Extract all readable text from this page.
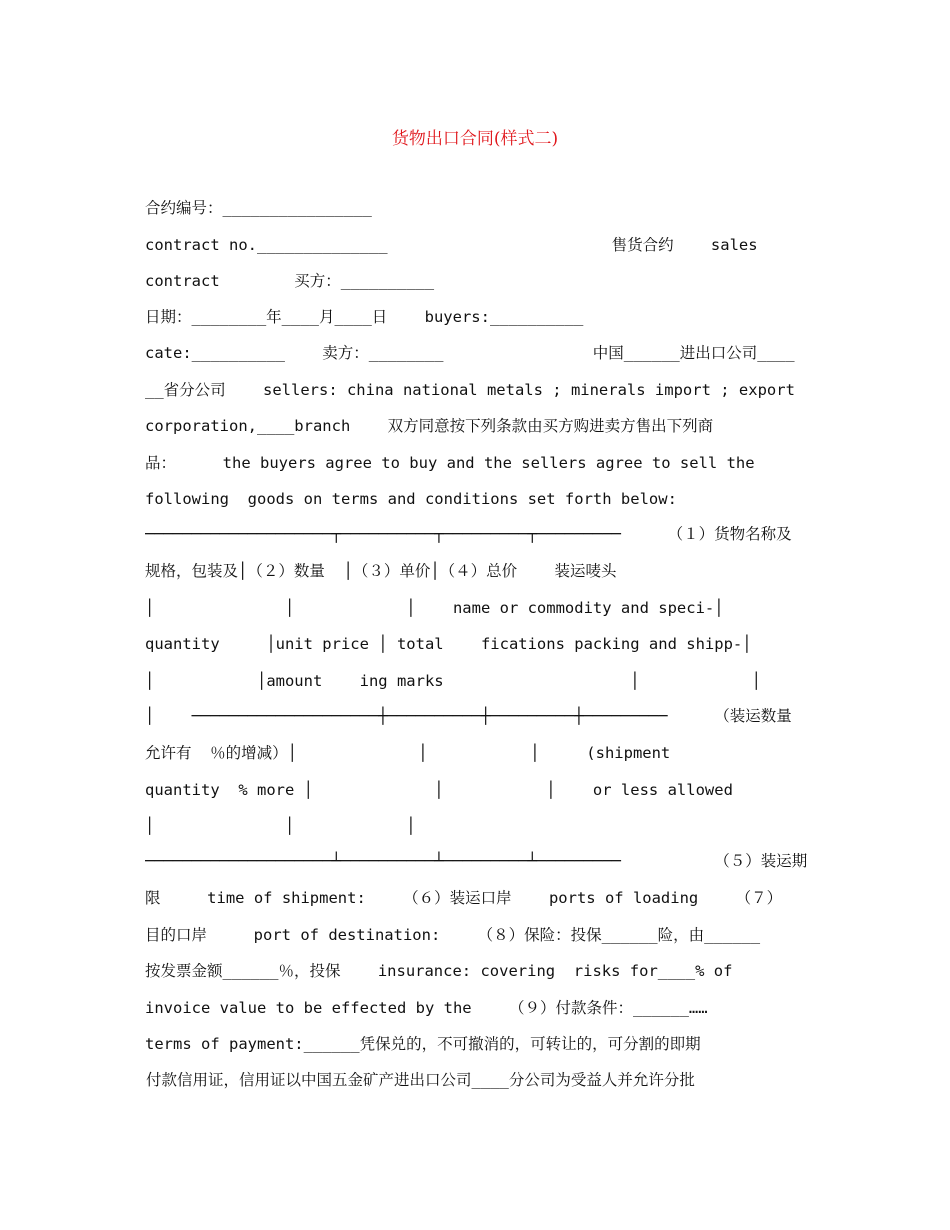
货物出口合同(样式二)
合约编号：________________
contract no.______________                        售货合约    sales
contract        买方：__________
日期：________年____月____日    buyers:__________
cate:__________    卖方：________                中国______进出口公司____
__省分公司    sellers: china national metals ; minerals import ; export
corporation,____branch    双方同意按下列条款由买方购进卖方售出下列商
品：     the buyers agree to buy and the sellers agree to sell the
following  goods on terms and conditions set forth below:
────────────────────┬──────────┬─────────┬─────────     （１）货物名称及
规格，包装及│（２）数量  │（３）单价│（４）总价    装运唛头
│              │            │    name or commodity and speci-│
quantity     │unit price │ total    fications packing and shipp-│
│           │amount    ing marks                    │            │
│    ────────────────────┼──────────┼─────────┼─────────     （装运数量
允许有  ％的增减）│             │           │     (shipment
quantity  % more │             │           │    or less allowed
│              │            │
────────────────────┴──────────┴─────────┴─────────          （５）装运期
限     time of shipment:    （６）装运口岸    ports of loading    （７）
目的口岸     port of destination:    （８）保险：投保______险，由______
按发票金额______％，投保    insurance: covering  risks for____% of
invoice value to be effected by the    （９）付款条件：______……
terms of payment:______凭保兑的，不可撤消的，可转让的，可分割的即期
付款信用证，信用证以中国五金矿产进出口公司____分公司为受益人并允许分批
